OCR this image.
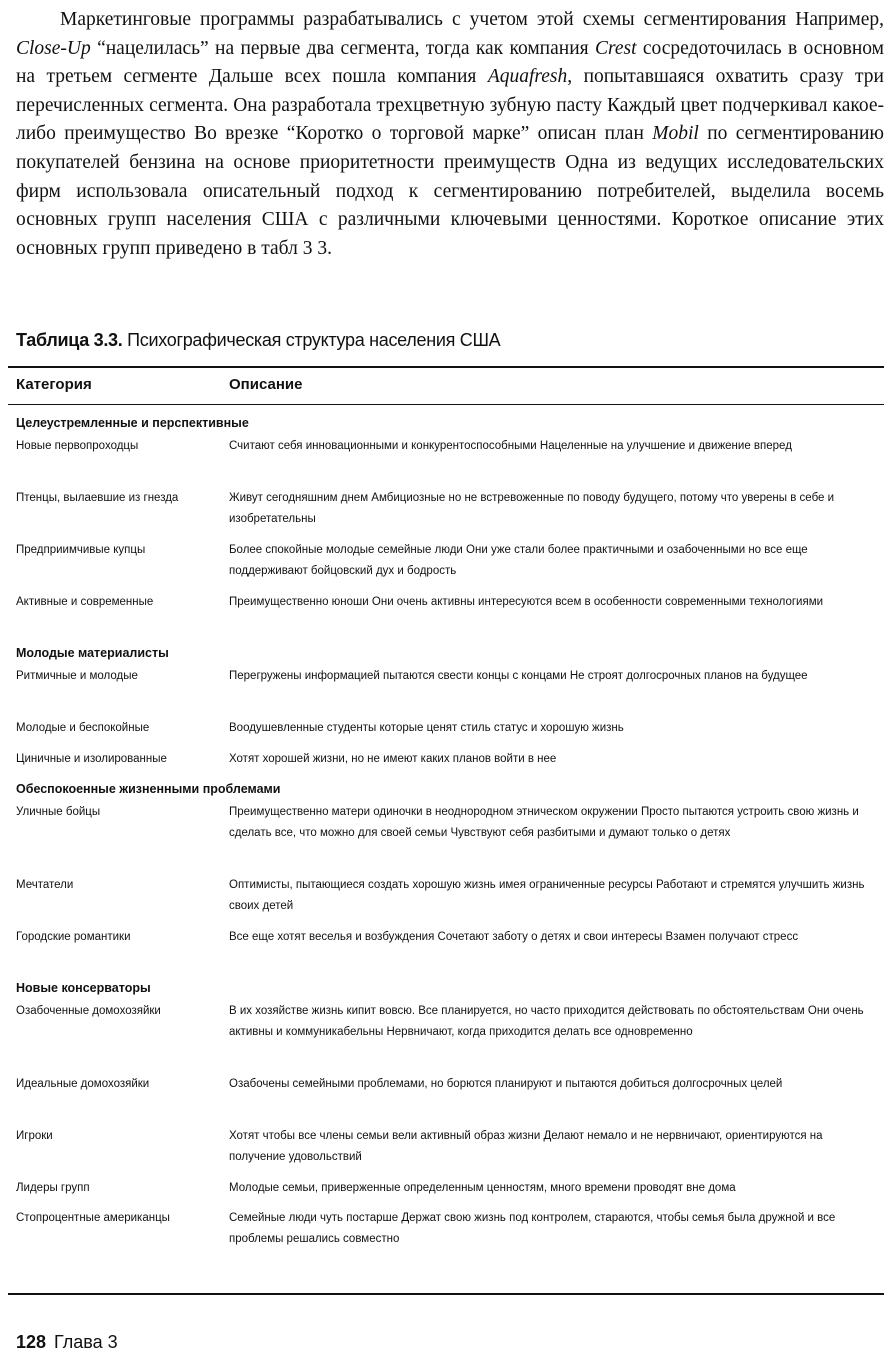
Маркетинговые программы разрабатывались с учетом этой схемы сегментирования Например, Close-Up “нацелилась” на первые два сегмента, тогда как компания Crest сосредоточилась в основном на третьем сегменте Дальше всех пошла компания Aquafresh, попытавшаяся охватить сразу три перечисленных сегмента. Она разработала трехцветную зубную пасту Каждый цвет подчеркивал какое-либо преимущество Во врезке “Коротко о торговой марке” описан план Mobil по сегментированию покупателей бензина на основе приоритетности преимуществ Одна из ведущих исследовательских фирм использовала описательный подход к сегментированию потребителей, выделила восемь основных групп населения США с различными ключевыми ценностями. Короткое описание этих основных групп приведено в табл 3 3.

Таблица 3.3. Психографическая структура населения США
Категория	Описание
Целеустремленные и перспективные
Новые первопроходцы	Считают себя инновационными и конкурентоспособными Нацеленные на улучшение и движение вперед
Птенцы, вылаевшие из гнезда	Живут сегодняшним днем Амбициозные но не встревоженные по поводу будущего, потому что уверены в себе и изобретательны
Предприимчивые купцы	Более спокойные молодые семейные люди Они уже стали более практичными и озабоченными но все еще поддерживают бойцовский дух и бодрость
Активные и современные	Преимущественно юноши Они очень активны интересуются всем в особенности современными технологиями
Молодые материалисты
Ритмичные и молодые	Перегружены информацией пытаются свести концы с концами Не строят долгосрочных планов на будущее
Молодые и беспокойные	Воодушевленные студенты которые ценят стиль статус и хорошую жизнь
Циничные и изолированные	Хотят хорошей жизни, но не имеют каких планов войти в нее
Обеспокоенные жизненными проблемами
Уличные бойцы	Преимущественно матери одиночки в неоднородном этническом окружении Просто пытаются устроить свою жизнь и сделать все, что можно для своей семьи Чувствуют себя разбитыми и думают только о детях
Мечтатели	Оптимисты, пытающиеся создать хорошую жизнь имея ограниченные ресурсы Работают и стремятся улучшить жизнь своих детей
Городские романтики	Все еще хотят веселья и возбуждения Сочетают заботу о детях и свои интересы Взамен получают стресс
Новые консерваторы
Озабоченные домохозяйки	В их хозяйстве жизнь кипит вовсю. Все планируется, но часто приходится действовать по обстоятельствам Они очень активны и коммуникабельны Нервничают, когда приходится делать все одновременно
Идеальные домохозяйки	Озабочены семейными проблемами, но борются планируют и пытаются добиться долгосрочных целей
Игроки	Хотят чтобы все члены семьи вели активный образ жизни Делают немало и не нервничают, ориентируются на получение удовольствий
Лидеры групп	Молодые семьи, приверженные определенным ценностям, много времени проводят вне дома
Стопроцентные американцы	Семейные люди чуть постарше Держат свою жизнь под контролем, стараются, чтобы семья была дружной и все проблемы решались совместно
128 Глава 3
